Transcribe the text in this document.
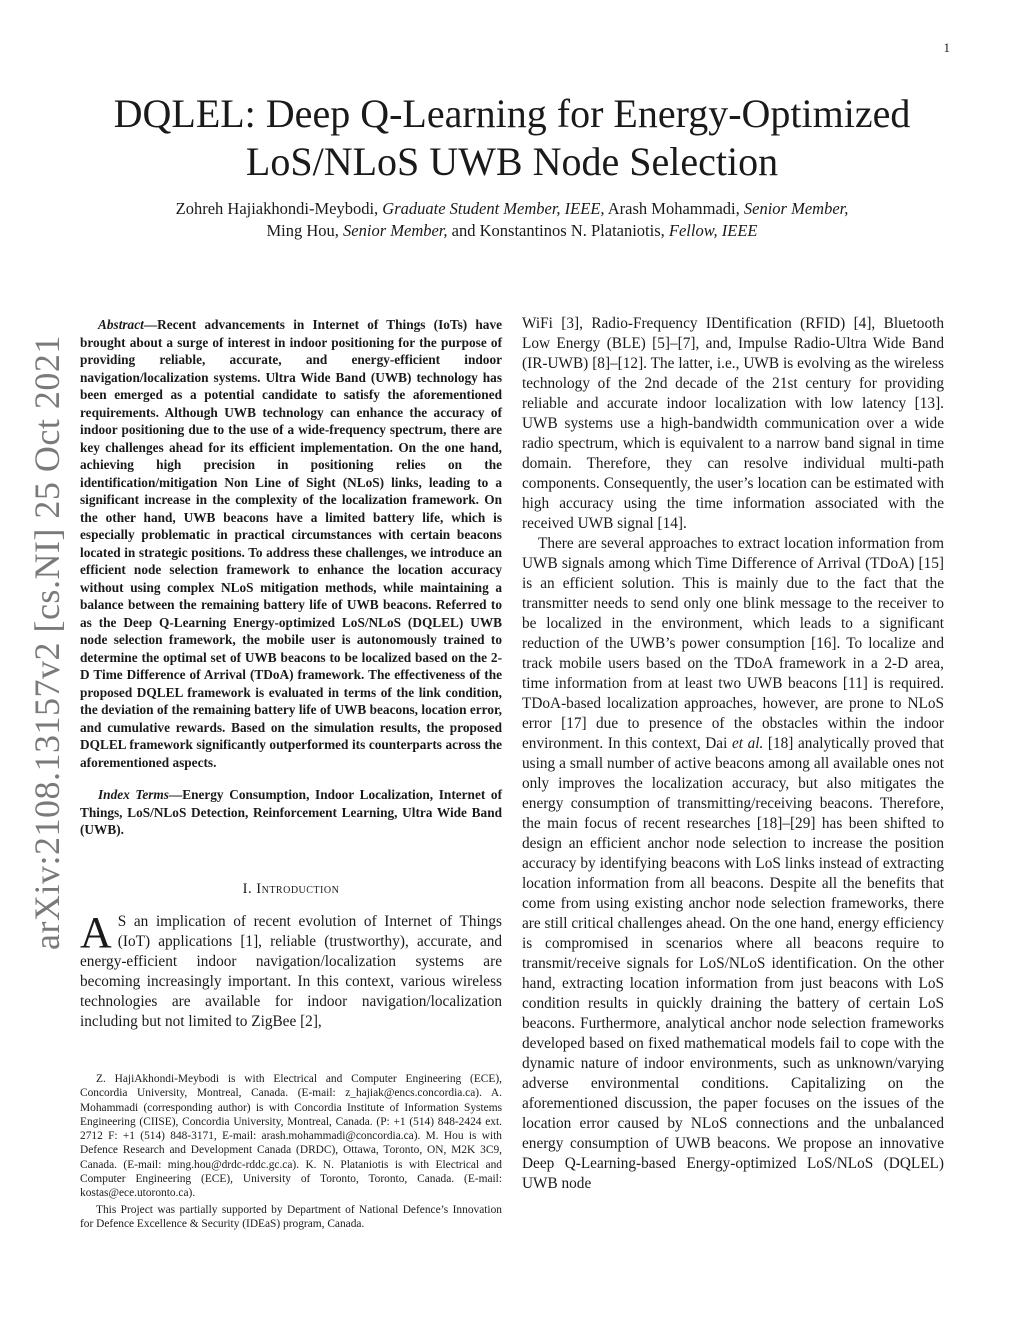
1
arXiv:2108.13157v2 [cs.NI] 25 Oct 2021
DQLEL: Deep Q-Learning for Energy-Optimized
LoS/NLoS UWB Node Selection
Zohreh Hajiakhondi-Meybodi, Graduate Student Member, IEEE, Arash Mohammadi, Senior Member,
Ming Hou, Senior Member, and Konstantinos N. Plataniotis, Fellow, IEEE

Abstract—Recent advancements in Internet of Things (IoTs) have brought about a surge of interest in indoor positioning for the purpose of providing reliable, accurate, and energy-efficient indoor navigation/localization systems. Ultra Wide Band (UWB) technology has been emerged as a potential candidate to satisfy the aforementioned requirements. Although UWB technology can enhance the accuracy of indoor positioning due to the use of a wide-frequency spectrum, there are key challenges ahead for its efficient implementation. On the one hand, achieving high precision in positioning relies on the identification/mitigation Non Line of Sight (NLoS) links, leading to a significant increase in the complexity of the localization framework. On the other hand, UWB beacons have a limited battery life, which is especially problematic in practical circumstances with certain beacons located in strategic positions. To address these challenges, we introduce an efficient node selection framework to enhance the location accuracy without using complex NLoS mitigation methods, while maintaining a balance between the remaining battery life of UWB beacons. Referred to as the Deep Q-Learning Energy-optimized LoS/NLoS (DQLEL) UWB node selection framework, the mobile user is autonomously trained to determine the optimal set of UWB beacons to be localized based on the 2-D Time Difference of Arrival (TDoA) framework. The effectiveness of the proposed DQLEL framework is evaluated in terms of the link condition, the deviation of the remaining battery life of UWB beacons, location error, and cumulative rewards. Based on the simulation results, the proposed DQLEL framework significantly outperformed its counterparts across the aforementioned aspects.

Index Terms—Energy Consumption, Indoor Localization, Internet of Things, LoS/NLoS Detection, Reinforcement Learning, Ultra Wide Band (UWB).

I. Introduction

A S an implication of recent evolution of Internet of Things (IoT) applications [1], reliable (trustworthy), accurate, and energy-efficient indoor navigation/localization systems are becoming increasingly important. In this context, various wireless technologies are available for indoor navigation/localization including but not limited to ZigBee [2],

Z. HajiAkhondi-Meybodi is with Electrical and Computer Engineering (ECE), Concordia University, Montreal, Canada. (E-mail: z_hajiak@encs.concordia.ca). A. Mohammadi (corresponding author) is with Concordia Institute of Information Systems Engineering (CIISE), Concordia University, Montreal, Canada. (P: +1 (514) 848-2424 ext. 2712 F: +1 (514) 848-3171, E-mail: arash.mohammadi@concordia.ca). M. Hou is with Defence Research and Development Canada (DRDC), Ottawa, Toronto, ON, M2K 3C9, Canada. (E-mail: ming.hou@drdc-rddc.gc.ca). K. N. Plataniotis is with Electrical and Computer Engineering (ECE), University of Toronto, Toronto, Canada. (E-mail: kostas@ece.utoronto.ca).

This Project was partially supported by Department of National Defence’s Innovation for Defence Excellence & Security (IDEaS) program, Canada.

WiFi [3], Radio-Frequency IDentification (RFID) [4], Bluetooth Low Energy (BLE) [5]–[7], and, Impulse Radio-Ultra Wide Band (IR-UWB) [8]–[12]. The latter, i.e., UWB is evolving as the wireless technology of the 2nd decade of the 21st century for providing reliable and accurate indoor localization with low latency [13]. UWB systems use a high-bandwidth communication over a wide radio spectrum, which is equivalent to a narrow band signal in time domain. Therefore, they can resolve individual multi-path components. Consequently, the user’s location can be estimated with high accuracy using the time information associated with the received UWB signal [14].

There are several approaches to extract location information from UWB signals among which Time Difference of Arrival (TDoA) [15] is an efficient solution. This is mainly due to the fact that the transmitter needs to send only one blink message to the receiver to be localized in the environment, which leads to a significant reduction of the UWB’s power consumption [16]. To localize and track mobile users based on the TDoA framework in a 2-D area, time information from at least two UWB beacons [11] is required. TDoA-based localization approaches, however, are prone to NLoS error [17] due to presence of the obstacles within the indoor environment. In this context, Dai et al. [18] analytically proved that using a small number of active beacons among all available ones not only improves the localization accuracy, but also mitigates the energy consumption of transmitting/receiving beacons. Therefore, the main focus of recent researches [18]–[29] has been shifted to design an efficient anchor node selection to increase the position accuracy by identifying beacons with LoS links instead of extracting location information from all beacons. Despite all the benefits that come from using existing anchor node selection frameworks, there are still critical challenges ahead. On the one hand, energy efficiency is compromised in scenarios where all beacons require to transmit/receive signals for LoS/NLoS identification. On the other hand, extracting location information from just beacons with LoS condition results in quickly draining the battery of certain LoS beacons. Furthermore, analytical anchor node selection frameworks developed based on fixed mathematical models fail to cope with the dynamic nature of indoor environments, such as unknown/varying adverse environmental conditions. Capitalizing on the aforementioned discussion, the paper focuses on the issues of the location error caused by NLoS connections and the unbalanced energy consumption of UWB beacons. We propose an innovative Deep Q-Learning-based Energy-optimized LoS/NLoS (DQLEL) UWB node
